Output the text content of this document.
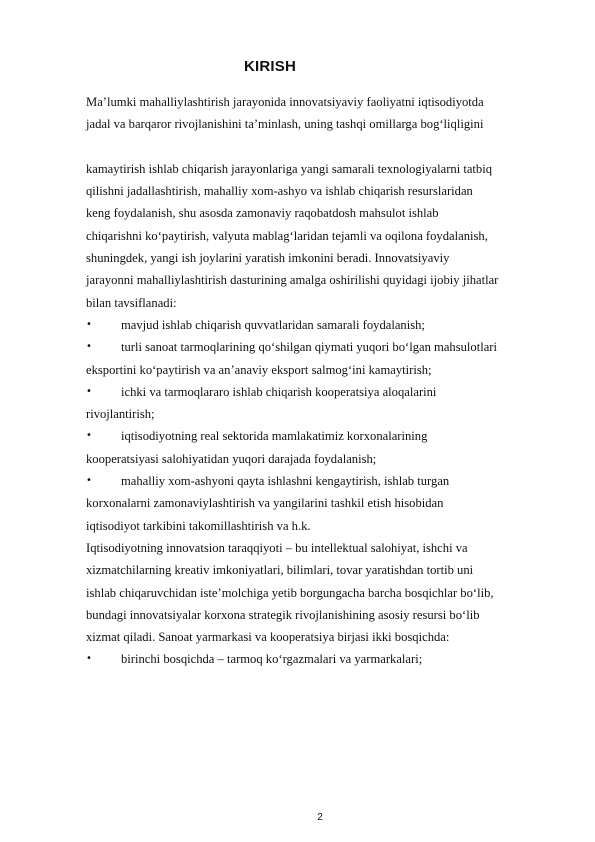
KIRISH
Ma’lumki mahalliylashtirish jarayonida innovatsiyaviy faoliyatni iqtisodiyotda
jadal va barqaror rivojlanishini ta’minlash, uning tashqi omillarga bog‘liqligini
kamaytirish ishlab chiqarish jarayonlariga yangi samarali texnologiyalarni tatbiq
qilishni jadallashtirish, mahalliy xom-ashyo va ishlab chiqarish resurslaridan
keng foydalanish, shu asosda zamonaviy raqobatdosh mahsulot ishlab
chiqarishni ko‘paytirish, valyuta mablag‘laridan tejamli va oqilona foydalanish,
shuningdek, yangi ish joylarini yaratish imkonini beradi. Innovatsiyaviy
jarayonni mahalliylashtirish dasturining amalga oshirilishi quyidagi ijobiy jihatlar
bilan tavsiflanadi:
• mavjud ishlab chiqarish quvvatlaridan samarali foydalanish;
• turli sanoat tarmoqlarining qo‘shilgan qiymati yuqori bo‘lgan mahsulotlari
eksportini ko‘paytirish va an’anaviy eksport salmog‘ini kamaytirish;
• ichki va tarmoqlararo ishlab chiqarish kooperatsiya aloqalarini
rivojlantirish;
• iqtisodiyotning real sektorida mamlakatimiz korxonalarining
kooperatsiyasi salohiyatidan yuqori darajada foydalanish;
• mahalliy xom-ashyoni qayta ishlashni kengaytirish, ishlab turgan
korxonalarni zamonaviylashtirish va yangilarini tashkil etish hisobidan
iqtisodiyot tarkibini takomillashtirish va h.k.
Iqtisodiyotning innovatsion taraqqiyoti – bu intellektual salohiyat, ishchi va
xizmatchilarning kreativ imkoniyatlari, bilimlari, tovar yaratishdan tortib uni
ishlab chiqaruvchidan iste’molchiga yetib borgungacha barcha bosqichlar bo‘lib,
bundagi innovatsiyalar korxona strategik rivojlanishining asosiy resursi bo‘lib
xizmat qiladi. Sanoat yarmarkasi va kooperatsiya birjasi ikki bosqichda:
• birinchi bosqichda – tarmoq ko‘rgazmalari va yarmarkalari;
2
